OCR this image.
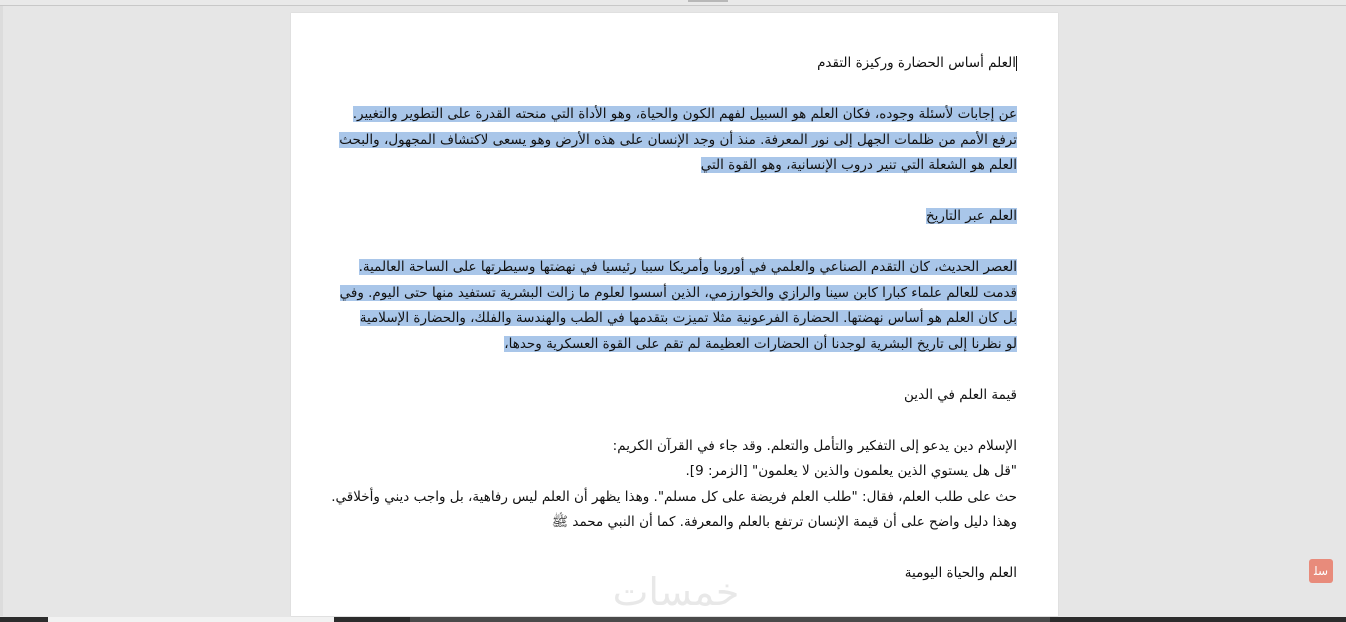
العلم أساس الحضارة وركيزة التقدم
عن إجابات لأسئلة وجوده، فكان العلم هو السبيل لفهم الكون والحياة، وهو الأداة التي منحته القدرة على التطوير والتغيير.
ترفع الأمم من ظلمات الجهل إلى نور المعرفة. منذ أن وجد الإنسان على هذه الأرض وهو يسعى لاكتشاف المجهول، والبحث
العلم هو الشعلة التي تنير دروب الإنسانية، وهو القوة التي
العلم عبر التاريخ
العصر الحديث، كان التقدم الصناعي والعلمي في أوروبا وأمريكا سببا رئيسيا في نهضتها وسيطرتها على الساحة العالمية.
قدمت للعالم علماء كبارا كابن سينا والرازي والخوارزمي، الذين أسسوا لعلوم ما زالت البشرية تستفيد منها حتى اليوم. وفي
بل كان العلم هو أساس نهضتها. الحضارة الفرعونية مثلا تميزت بتقدمها في الطب والهندسة والفلك، والحضارة الإسلامية
لو نظرنا إلى تاريخ البشرية لوجدنا أن الحضارات العظيمة لم تقم على القوة العسكرية وحدها،
قيمة العلم في الدين
الإسلام دين يدعو إلى التفكير والتأمل والتعلم. وقد جاء في القرآن الكريم:
"قل هل يستوي الذين يعلمون والذين لا يعلمون" [الزمر: 9].
حث على طلب العلم، فقال: "طلب العلم فريضة على كل مسلم". وهذا يظهر أن العلم ليس رفاهية، بل واجب ديني وأخلاقي.
وهذا دليل واضح على أن قيمة الإنسان ترتفع بالعلم والمعرفة. كما أن النبي محمد ﷺ
العلم والحياة اليومية
خمسات	ﺳﻠ
